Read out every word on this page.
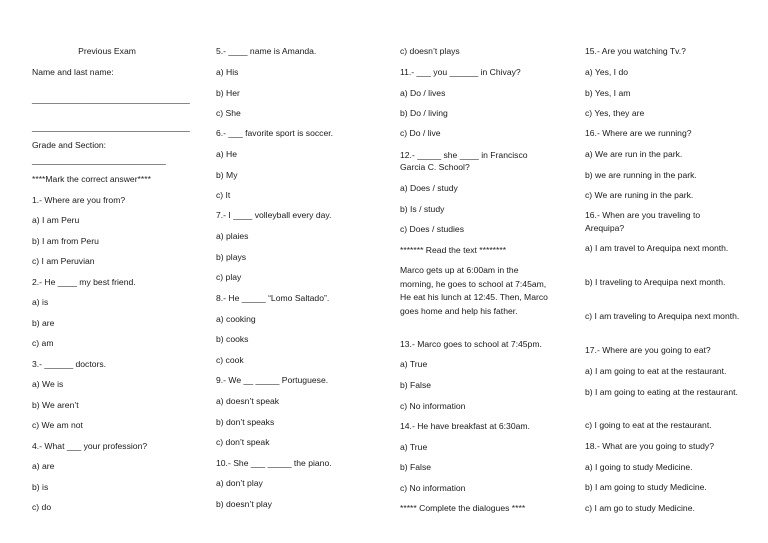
Previous Exam

Name and last name:

_________________________________

_________________________________

Grade and Section:

____________________________

****Mark the correct answer****

1.- Where are you from?

a) I am Peru

b) I am from Peru

c) I am Peruvian

2.- He ____ my best friend.

a) is

b) are

c) am

3.- ______ doctors.

a) We is

b) We aren’t

c) We am not

4.- What ___ your profession?

a) are

b) is

c) do

5.- ____ name is Amanda.

a) His

b) Her

c) She

6.- ___ favorite sport is soccer.

a) He

b) My

c) It

7.- I ____ volleyball every day.

a) plaies

b) plays

c) play

8.- He _____ “Lomo Saltado”.

a) cooking

b) cooks

c) cook

9.- We __ _____ Portuguese.

a) doesn’t speak

b) don’t speaks

c) don’t speak

10.- She ___ _____ the piano.

a) don’t play

b) doesn’t play

c) doesn’t plays

11.- ___ you ______ in Chivay?

a) Do / lives

b) Do / living

c) Do / live

12.- _____ she ____ in Francisco Garcia C. School?

a) Does / study

b) Is / study

c) Does / studies

******* Read the text ********

Marco gets up at 6:00am in the morning, he goes to school at 7:45am, He eat his lunch at 12:45. Then, Marco goes home and help his father.

13.- Marco goes to school at 7:45pm.

a) True

b) False

c) No information

14.- He have breakfast at 6:30am.

a) True

b) False

c) No information

***** Complete the dialogues ****

15.- Are you watching Tv.?

a) Yes, I do

b) Yes, I am

c) Yes, they are

16.- Where are we running?

a) We are run in the park.

b) we are running in the park.

c) We are runing in the park.

16.- When are you traveling to Arequipa?

a) I am travel to Arequipa next month.

b) I traveling to Arequipa next month.

c) I am traveling to Arequipa next month.

17.- Where are you going to eat?

a) I am going to eat at the restaurant.

b) I am going to eating at the restaurant.

c) I going to eat at the restaurant.

18.- What are you going to study?

a) I going to study Medicine.

b) I am going to study Medicine.

c) I am go to study Medicine.
